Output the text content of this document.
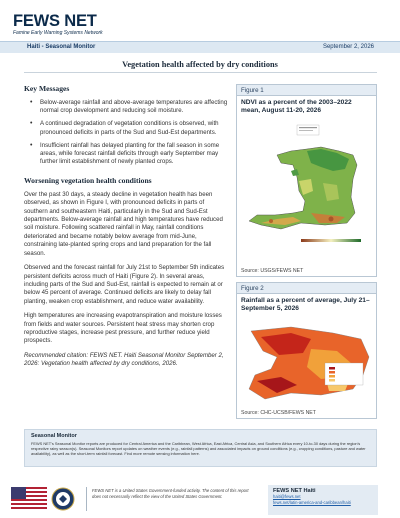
FEWS NET
Famine Early Warning Systems Network
Haiti - Seasonal Monitor	September 2, 2026
Vegetation health affected by dry conditions
Key Messages
• Below-average rainfall and above-average temperatures are affecting normal crop development and reducing soil moisture.
• A continued degradation of vegetation conditions is observed, with pronounced deficits in parts of the Sud and Sud-Est departments.
• Insufficient rainfall has delayed planting for the fall season in some areas, while forecast rainfall deficits through early September may further limit establishment of newly planted crops.
Worsening vegetation health conditions

Over the past 30 days, a steady decline in vegetation health has been observed, as shown in Figure I, with pronounced deficits in parts of southern and southeastern Haiti, particularly in the Sud and Sud-Est departments. Below-average rainfall and high temperatures have reduced soil moisture. Following scattered rainfall in May, rainfall conditions deteriorated and became notably below average from mid-June, constraining late-planted spring crops and land preparation for the fall season.

Observed and the forecast rainfall for July 21st to September 5th indicates persistent deficits across much of Haiti (Figure 2). In several areas, including parts of the Sud and Sud-Est, rainfall is expected to remain at or below 45 percent of average. Continued deficits are likely to delay fall planting, weaken crop establishment, and reduce water availability.

High temperatures are increasing evapotranspiration and moisture losses from fields and water sources. Persistent heat stress may shorten crop reproductive stages, increase pest pressure, and further reduce yield prospects.

Recommended citation: FEWS NET. Haiti Seasonal Monitor September 2, 2026: Vegetation health affected by dry conditions, 2026.

Figure 1
NDVI as a percent of the 2003–2022 mean, August 11-20, 2026
Source: USGS/FEWS NET
Figure 2
Rainfall as a percent of average, July 21–September 5, 2026
Source: CHC-UCSB/FEWS NET
Seasonal Monitor
FEWS NET's Seasonal Monitor reports are produced for Central America and the Caribbean, West Africa, East Africa, Central Asia, and Southern Africa every 10-to-30 days during the region's respective rainy season(s). Seasonal Monitors report updates on weather events (e.g., rainfall patterns) and associated impacts on ground conditions (e.g., cropping conditions, pasture and water availability), as well as the short-term rainfall forecast. Find more remote sensing information here.
FEWS NET is a United States Government-funded activity. The content of this report does not necessarily reflect the view of the United States Government.
FEWS NET Haiti
haiti@fews.net
fews.net/latin-america-and-caribbean/haiti
